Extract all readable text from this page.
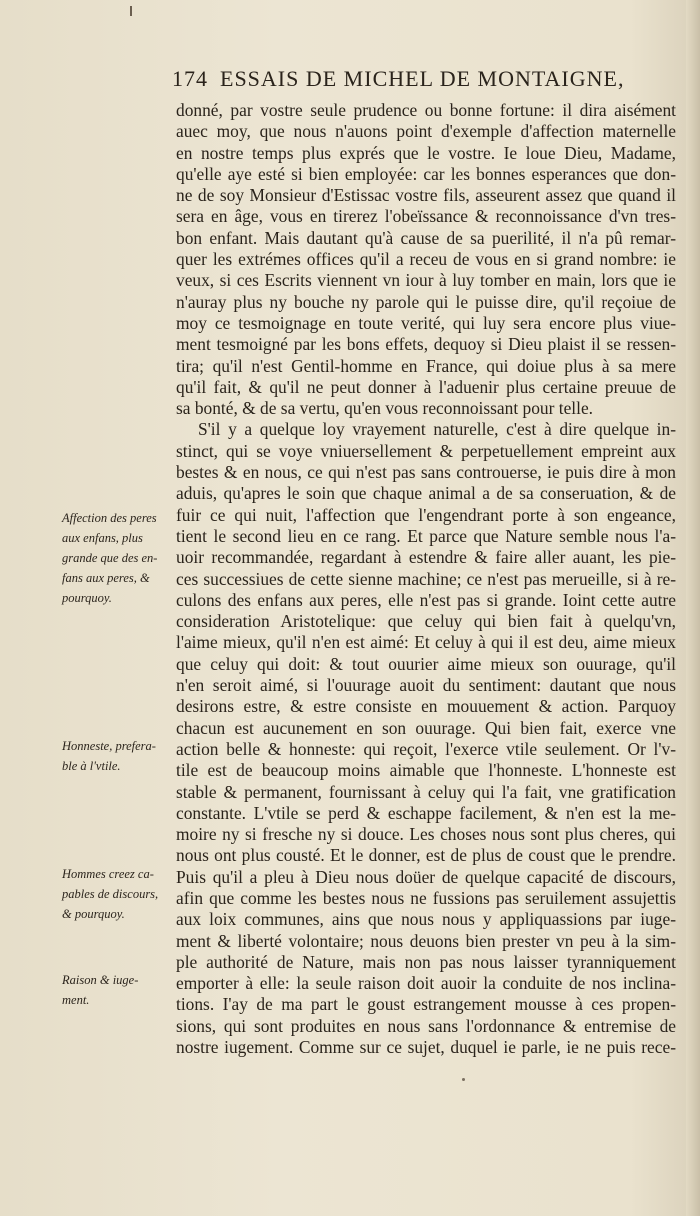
174 ESSAIS DE MICHEL DE MONTAIGNE,
donné, par vostre seule prudence ou bonne fortune: il dira aisément
auec moy, que nous n'auons point d'exemple d'affection maternelle
en nostre temps plus exprés que le vostre. Ie loue Dieu, Madame,
qu'elle aye esté si bien employée: car les bonnes esperances que don-
ne de soy Monsieur d'Estissac vostre fils, asseurent assez que quand il
sera en âge, vous en tirerez l'obeïssance & reconnoissance d'vn tres-
bon enfant. Mais dautant qu'à cause de sa puerilité, il n'a pû remar-
quer les extrémes offices qu'il a receu de vous en si grand nombre: ie
veux, si ces Escrits viennent vn iour à luy tomber en main, lors que ie
n'auray plus ny bouche ny parole qui le puisse dire, qu'il reçoiue de
moy ce tesmoignage en toute verité, qui luy sera encore plus viue-
ment tesmoigné par les bons effets, dequoy si Dieu plaist il se ressen-
tira; qu'il n'est Gentil-homme en France, qui doiue plus à sa mere
qu'il fait, & qu'il ne peut donner à l'aduenir plus certaine preuue de
sa bonté, & de sa vertu, qu'en vous reconnoissant pour telle.
S'il y a quelque loy vrayement naturelle, c'est à dire quelque in-
stinct, qui se voye vniuersellement & perpetuellement empreint aux
bestes & en nous, ce qui n'est pas sans controuerse, ie puis dire à mon
aduis, qu'apres le soin que chaque animal a de sa conseruation, & de
fuir ce qui nuit, l'affection que l'engendrant porte à son engeance,
tient le second lieu en ce rang. Et parce que Nature semble nous l'a-
uoir recommandée, regardant à estendre & faire aller auant, les pie-
ces successiues de cette sienne machine; ce n'est pas merueille, si à re-
culons des enfans aux peres, elle n'est pas si grande. Ioint cette autre
consideration Aristotelique: que celuy qui bien fait à quelqu'vn,
l'aime mieux, qu'il n'en est aimé: Et celuy à qui il est deu, aime mieux
que celuy qui doit: & tout ouurier aime mieux son ouurage, qu'il
n'en seroit aimé, si l'ouurage auoit du sentiment: dautant que nous
desirons estre, & estre consiste en mouuement & action. Parquoy
chacun est aucunement en son ouurage. Qui bien fait, exerce vne
action belle & honneste: qui reçoit, l'exerce vtile seulement. Or l'v-
tile est de beaucoup moins aimable que l'honneste. L'honneste est
stable & permanent, fournissant à celuy qui l'a fait, vne gratification
constante. L'vtile se perd & eschappe facilement, & n'en est la me-
moire ny si fresche ny si douce. Les choses nous sont plus cheres, qui
nous ont plus cousté. Et le donner, est de plus de coust que le prendre.
Puis qu'il a pleu à Dieu nous doüer de quelque capacité de discours,
afin que comme les bestes nous ne fussions pas seruilement assujettis
aux loix communes, ains que nous nous y appliquassions par iuge-
ment & liberté volontaire; nous deuons bien prester vn peu à la sim-
ple authorité de Nature, mais non pas nous laisser tyranniquement
emporter à elle: la seule raison doit auoir la conduite de nos inclina-
tions. I'ay de ma part le goust estrangement mousse à ces propen-
sions, qui sont produites en nous sans l'ordonnance & entremise de
nostre iugement. Comme sur ce sujet, duquel ie parle, ie ne puis rece-
Affection des peres
aux enfans, plus
grande que des en-
fans aux peres, &
pourquoy.
Honneste, prefera-
ble à l'vtile.
Hommes creez ca-
pables de discours,
& pourquoy.
Raison & iuge-
ment.
